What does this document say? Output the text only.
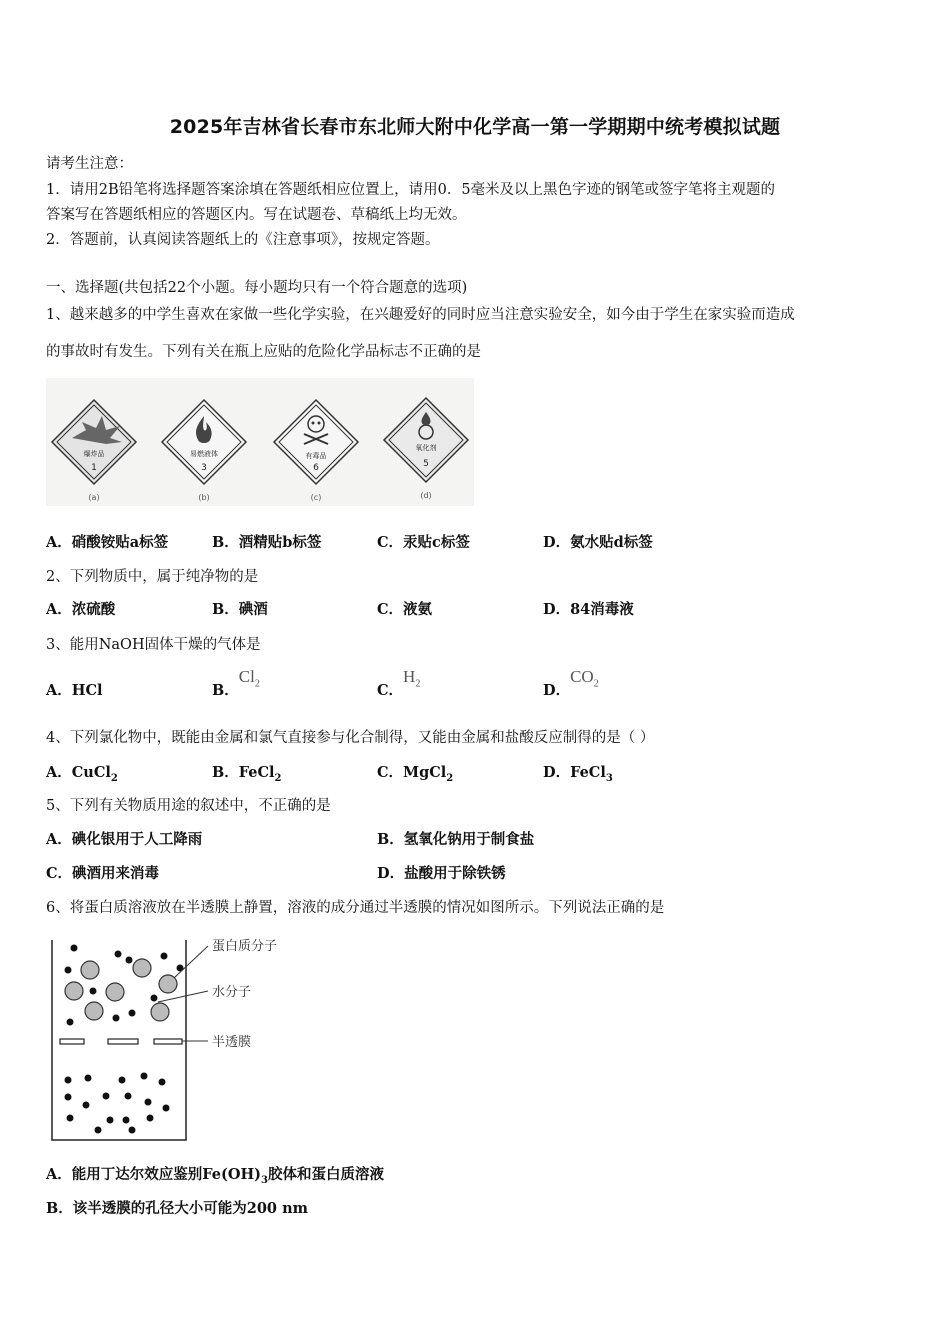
2025年吉林省长春市东北师大附中化学高一第一学期期中统考模拟试题
请考生注意：
1．请用2B铅笔将选择题答案涂填在答题纸相应位置上，请用0．5毫米及以上黑色字迹的钢笔或签字笔将主观题的
答案写在答题纸相应的答题区内。写在试题卷、草稿纸上均无效。
2．答题前，认真阅读答题纸上的《注意事项》，按规定答题。
一、选择题(共包括22个小题。每小题均只有一个符合题意的选项)
1、越来越多的中学生喜欢在家做一些化学实验，在兴趣爱好的同时应当注意实验安全，如今由于学生在家实验而造成
的事故时有发生。下列有关在瓶上应贴的危险化学品标志不正确的是
爆炸品
1
(a)
易燃液体
3
(b)
有毒品
6
(c)
氧化剂
5
(d)
A．硝酸铵贴a标签	B．酒精贴b标签	C．汞贴c标签	D．氨水贴d标签
2、下列物质中，属于纯净物的是
A．浓硫酸	B．碘酒	C．液氨	D．84消毒液
3、能用NaOH固体干燥的气体是
A．HCl	B．$Cl_2$	C．$H_2$	D．$CO_2$
4、下列氯化物中，既能由金属和氯气直接参与化合制得，又能由金属和盐酸反应制得的是（ ）
A．CuCl$_2$	B．FeCl$_2$	C．MgCl$_2$	D．FeCl$_3$
5、下列有关物质用途的叙述中，不正确的是
A．碘化银用于人工降雨	B．氢氧化钠用于制食盐
C．碘酒用来消毒	D．盐酸用于除铁锈
6、将蛋白质溶液放在半透膜上静置，溶液的成分通过半透膜的情况如图所示。下列说法正确的是
蛋白质分子
水分子
半透膜
A．能用丁达尔效应鉴别$Fe(OH)_3$胶体和蛋白质溶液
B．该半透膜的孔径大小可能为200 nm
